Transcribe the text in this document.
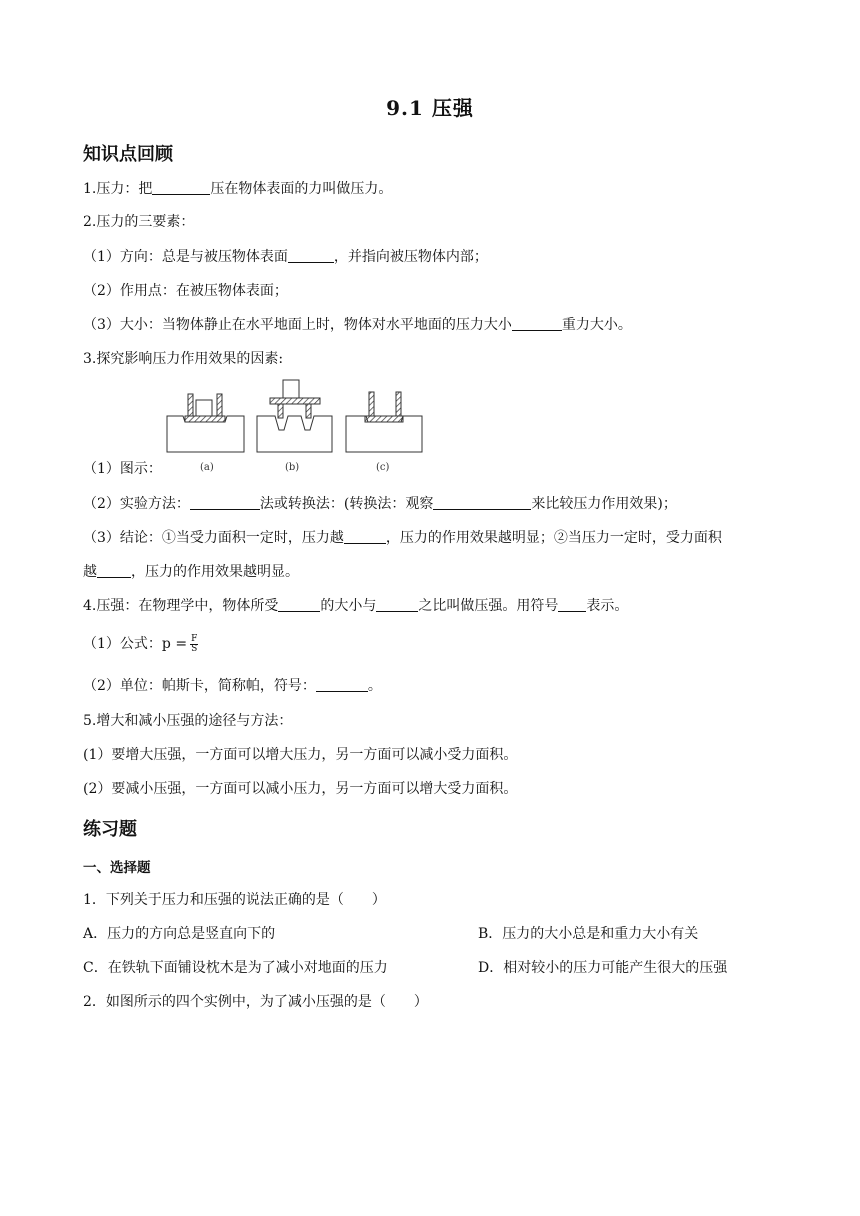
9.1 压强
知识点回顾
1.压力：把	压在物体表面的力叫做压力。
2.压力的三要素：
（1）方向：总是与被压物体表面	，并指向被压物体内部；
（2）作用点：在被压物体表面；
（3）大小：当物体静止在水平地面上时，物体对水平地面的压力大小	重力大小。
3.探究影响压力作用效果的因素:
(a)	(b)	(c)
（1）图示：
（2）实验方法：	法或转换法：(转换法：观察	来比较压力作用效果)；
（3）结论：①当受力面积一定时，压力越	，压力的作用效果越明显；②当压力一定时，受力面积
越 ，压力的作用效果越明显。
4.压强：在物理学中，物体所受	的大小与	之比叫做压强。用符号 表示。
（1）公式：$p = \frac{F}{S}$
（2）单位：帕斯卡，简称帕，符号：	。
5.增大和减小压强的途径与方法：
(1）要增大压强，一方面可以增大压力，另一方面可以减小受力面积。
(2）要减小压强，一方面可以减小压力，另一方面可以增大受力面积。
练习题
一、选择题
1．下列关于压力和压强的说法正确的是（　　）
A．压力的方向总是竖直向下的	B．压力的大小总是和重力大小有关
C．在铁轨下面铺设枕木是为了减小对地面的压力	D．相对较小的压力可能产生很大的压强
2．如图所示的四个实例中，为了减小压强的是（　　）
